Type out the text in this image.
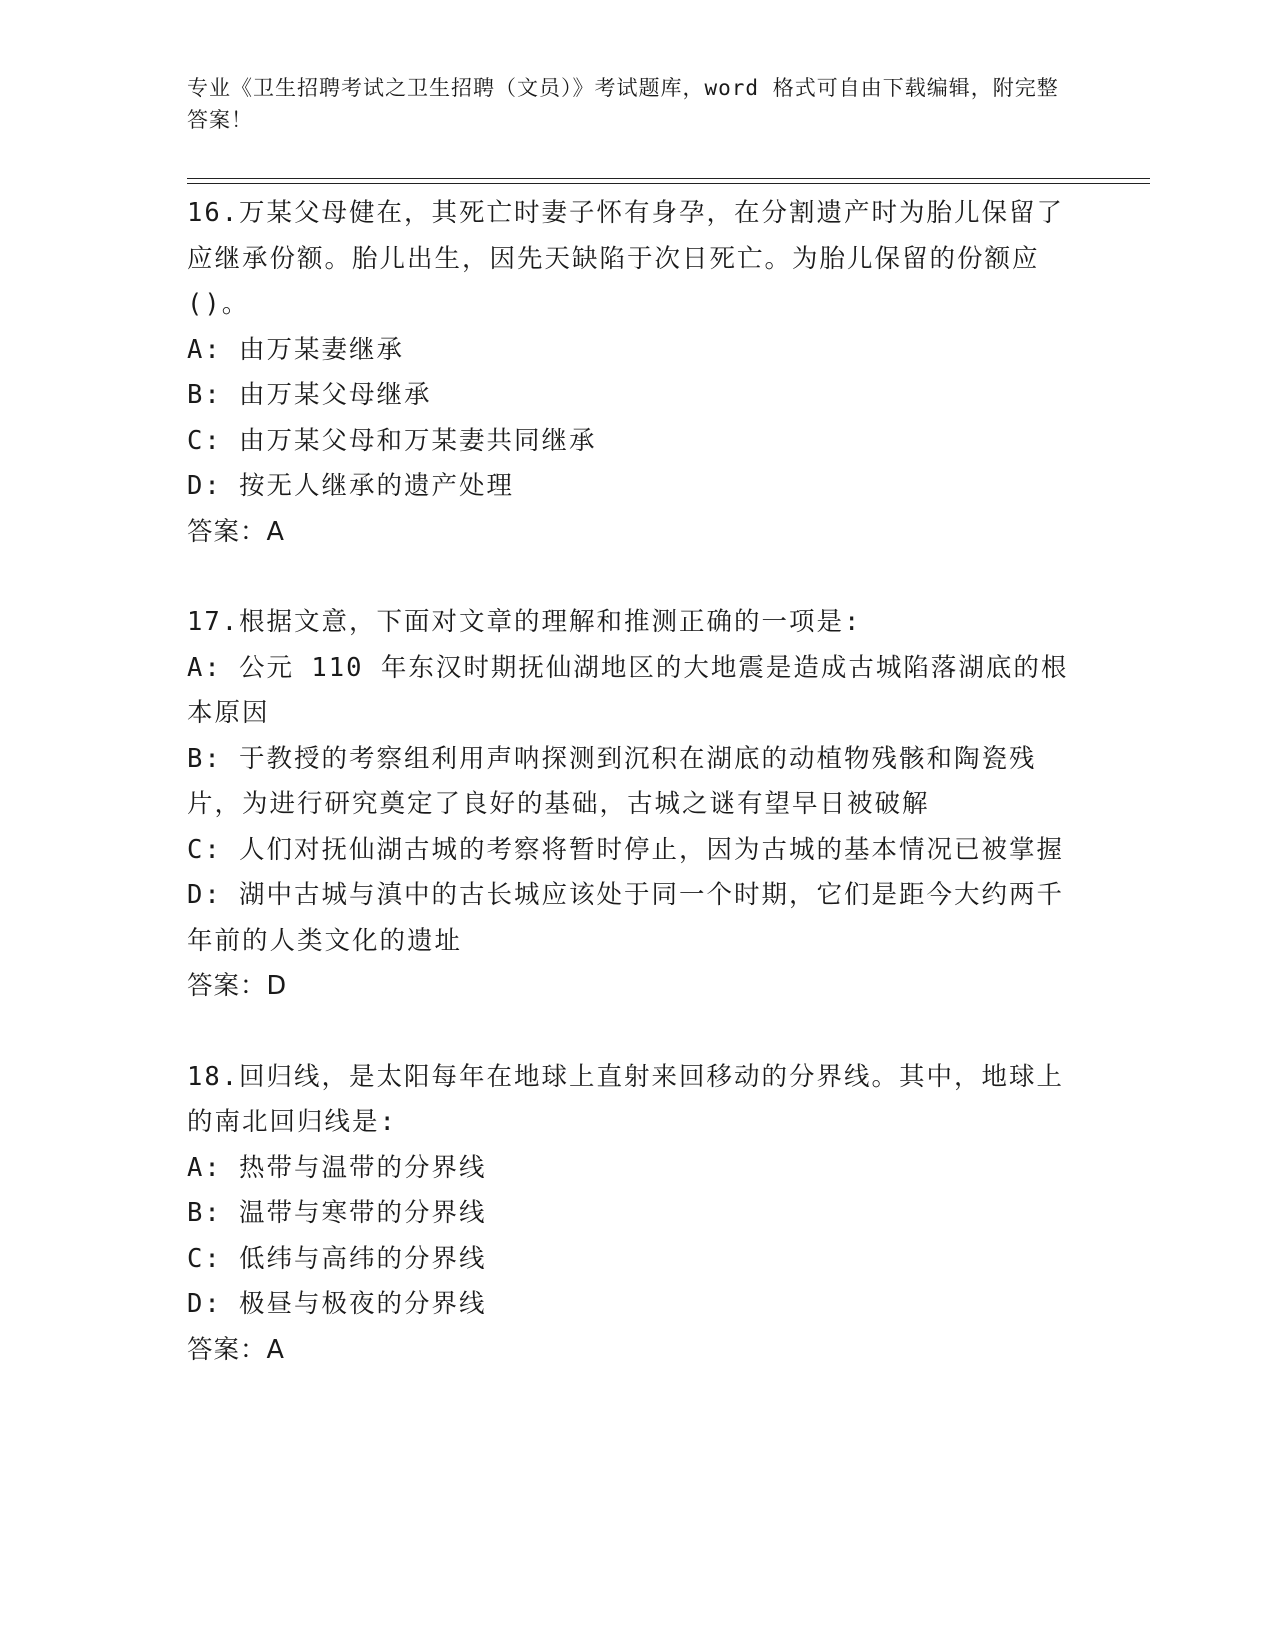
专业《卫生招聘考试之卫生招聘（文员）》考试题库，word 格式可自由下载编辑，附完整答案！

16.万某父母健在，其死亡时妻子怀有身孕，在分割遗产时为胎儿保留了应继承份额。胎儿出生，因先天缺陷于次日死亡。为胎儿保留的份额应()。

A: 由万某妻继承

B: 由万某父母继承

C: 由万某父母和万某妻共同继承

D: 按无人继承的遗产处理

答案：A

17.根据文意，下面对文章的理解和推测正确的一项是:

A: 公元 110 年东汉时期抚仙湖地区的大地震是造成古城陷落湖底的根本原因

B: 于教授的考察组利用声呐探测到沉积在湖底的动植物残骸和陶瓷残片，为进行研究奠定了良好的基础，古城之谜有望早日被破解

C: 人们对抚仙湖古城的考察将暂时停止，因为古城的基本情况已被掌握

D: 湖中古城与滇中的古长城应该处于同一个时期，它们是距今大约两千年前的人类文化的遗址

答案：D

18.回归线，是太阳每年在地球上直射来回移动的分界线。其中，地球上的南北回归线是:

A: 热带与温带的分界线

B: 温带与寒带的分界线

C: 低纬与高纬的分界线

D: 极昼与极夜的分界线

答案：A
